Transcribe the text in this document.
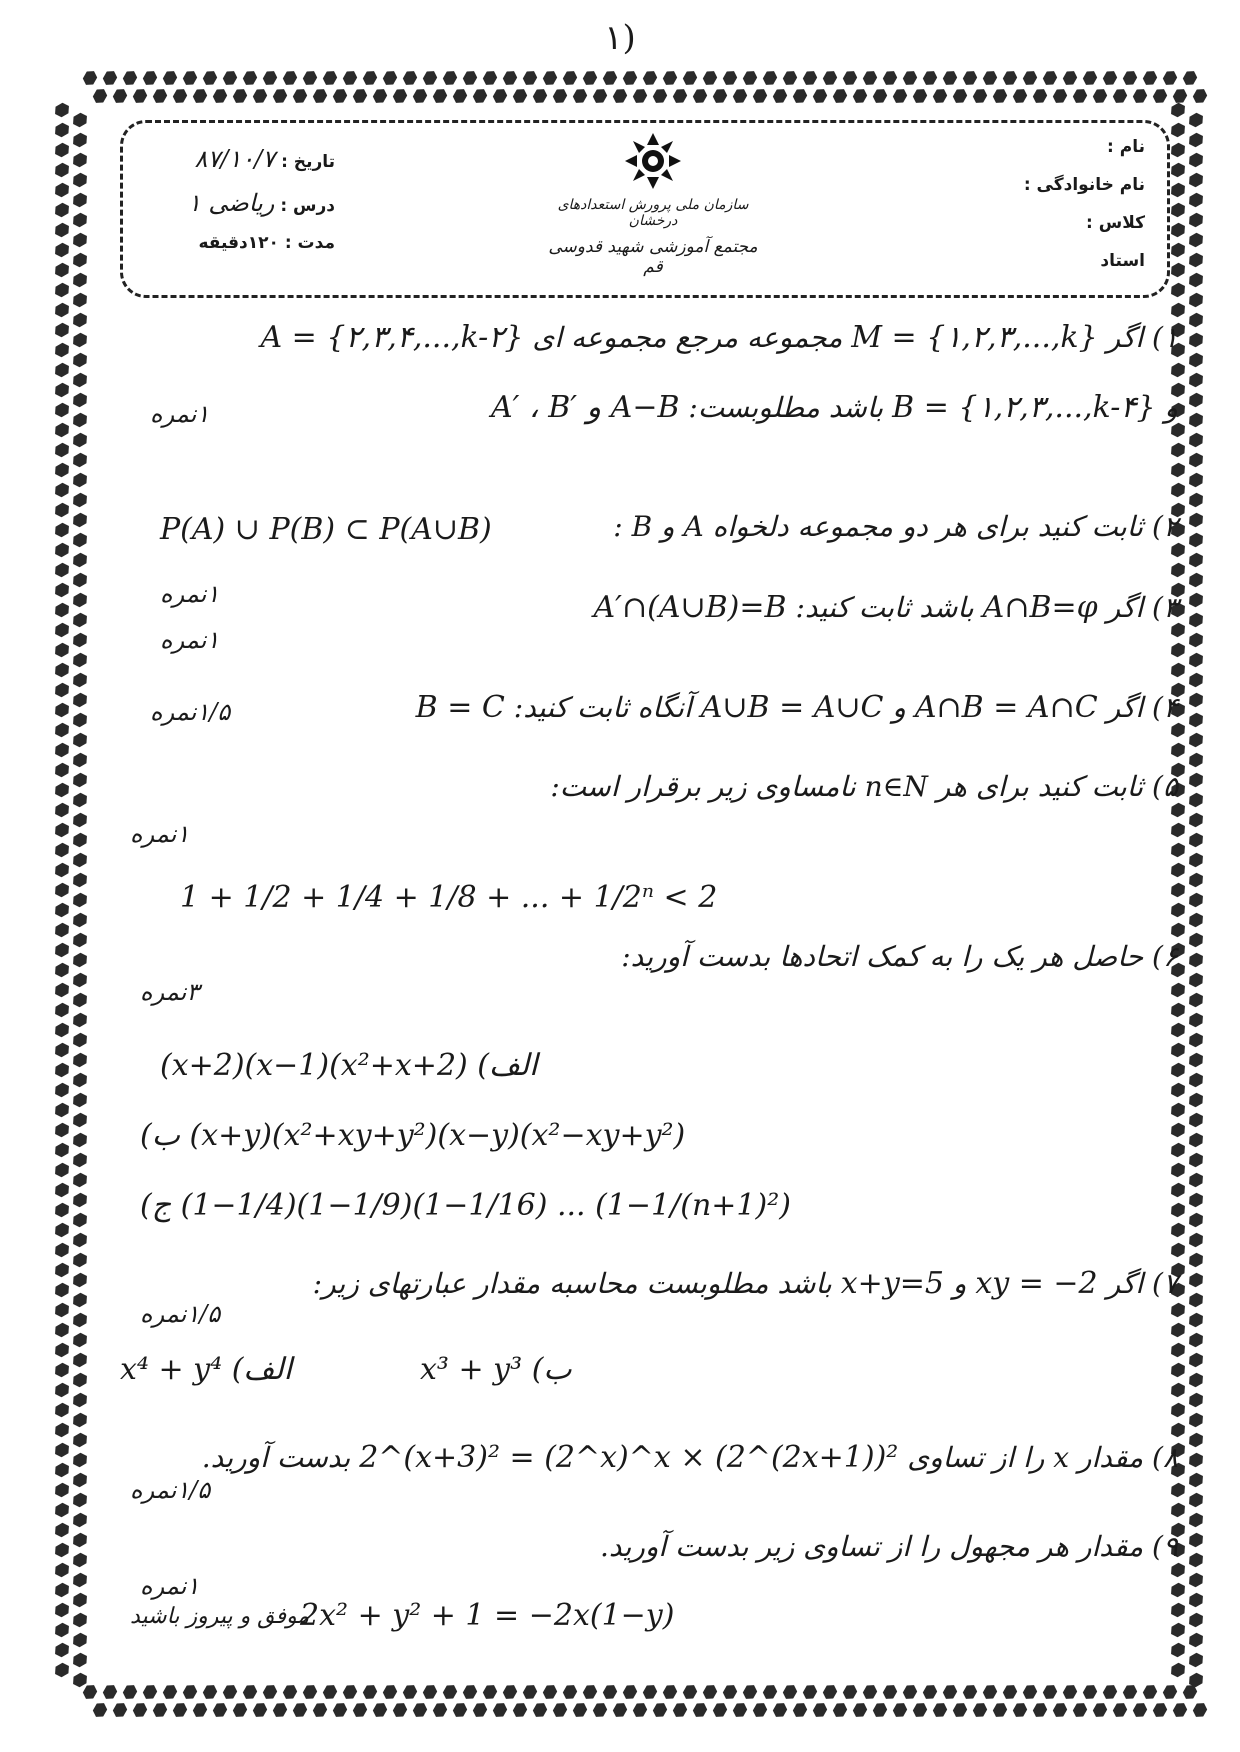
۱)
نام :
نام خانوادگی :
کلاس :
استاد
سازمان ملی پرورش استعدادهای درخشان
مجتمع آموزشی شهید قدوسی قم
تاریخ : ۸۷/۱۰/۷
درس : ریاضی ۱
مدت : ۱۲۰دقیقه
۱) اگر M = {۱,۲,۳,...,k} مجموعه مرجع مجموعه ای A = {۲,۳,۴,...,k-۲}
و B = {۱,۲,۳,...,k-۴} باشد مطلوبست: A′ ، B′ و A−B
۱نمره
۲) ثابت کنید برای هر دو مجموعه دلخواه A و B :
P(A) ∪ P(B) ⊂ P(A∪B)
۱نمره	۳) اگر A∩B=φ باشد ثابت کنید: A′∩(A∪B)=B
۱نمره
۴) اگر A∩B = A∩C و A∪B = A∪C آنگاه ثابت کنید: B = C
۱/۵نمره
۵) ثابت کنید برای هر n∈N نامساوی زیر برقرار است:
1 + 1/2 + 1/4 + 1/8 + ... + 1/2ⁿ < 2
۱نمره
۶) حاصل هر یک را به کمک اتحادها بدست آورید:
۳نمره
(x+2)(x−1)(x²+x+2) الف)
ب) (x+y)(x²+xy+y²)(x−y)(x²−xy+y²)
ج) (1−1/4)(1−1/9)(1−1/16) ... (1−1/(n+1)²)
۷) اگر xy = −2 و x+y=5 باشد مطلوبست محاسبه مقدار عبارتهای زیر:
۱/۵نمره
x³ + y³ ب)
x⁴ + y⁴ الف)
۸) مقدار x را از تساوی 2^(x+3)² = (2^x)^x × (2^(2x+1))² بدست آورید.
۱/۵نمره
۹) مقدار هر مجهول را از تساوی زیر بدست آورید.
۱نمره
2x² + y² + 1 = −2x(1−y)
موفق و پیروز باشید
